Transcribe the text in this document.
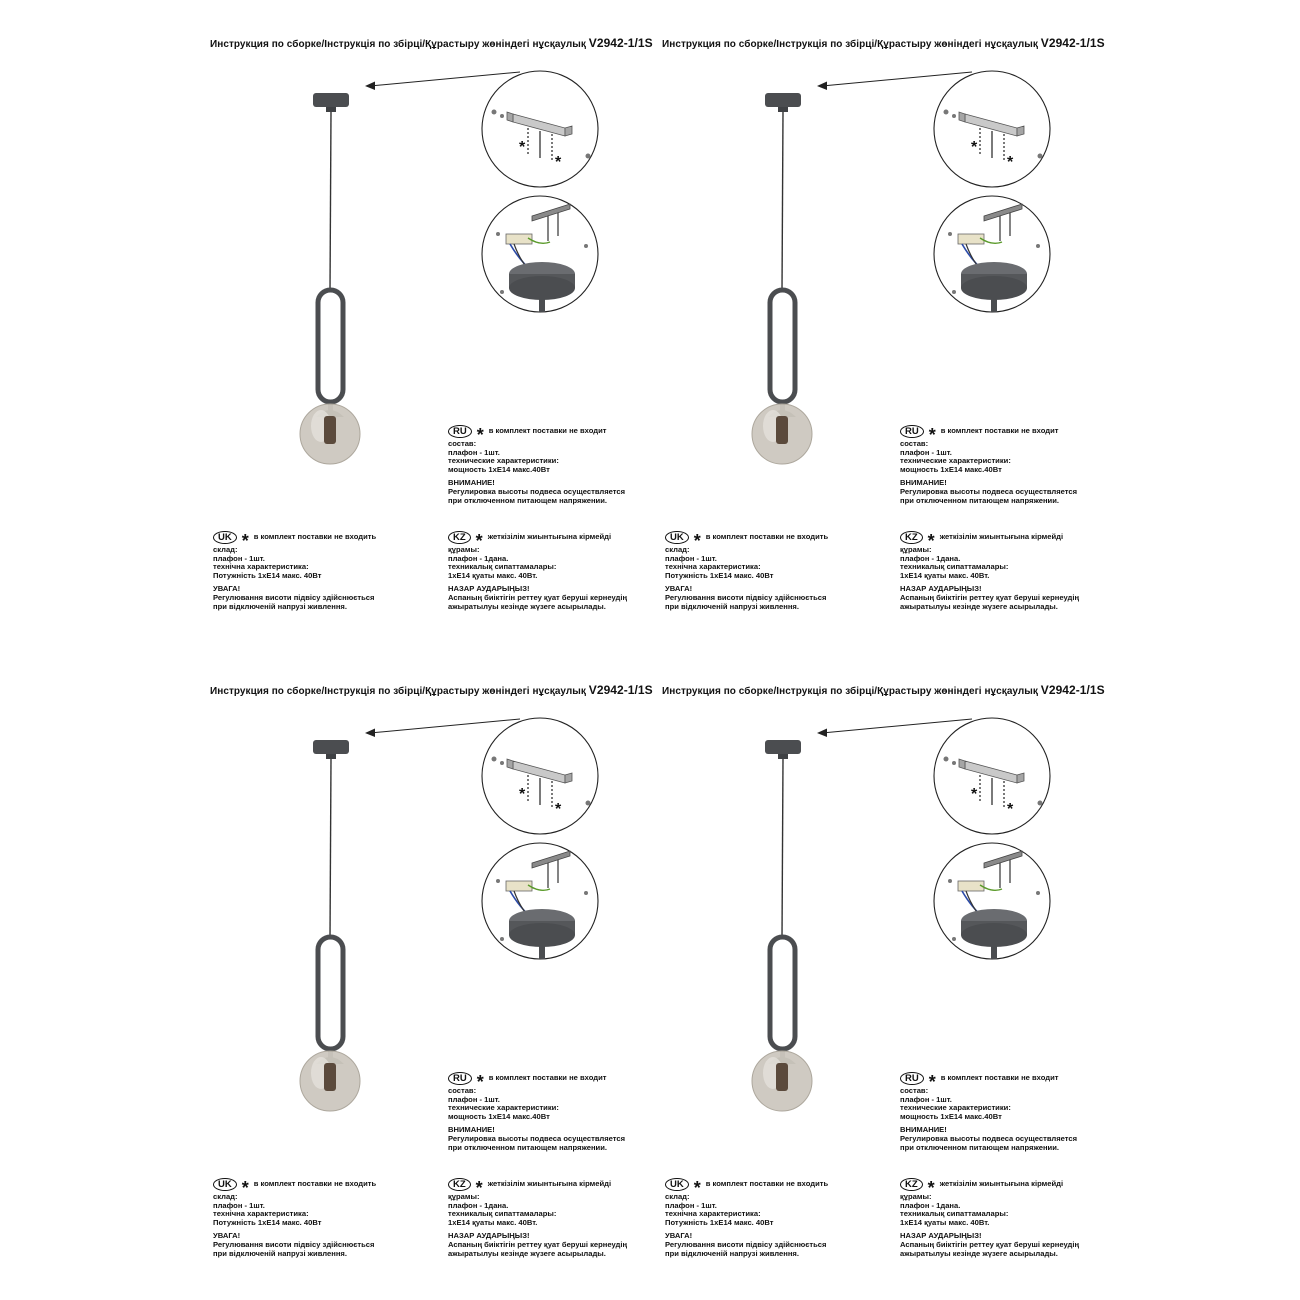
Инструкция по сборке/Інструкція по збірці/Құрастыру жөніндегі нұсқаулық V2942-1/1S
*
*
RU * в комплект поставки не входит
состав:
плафон - 1шт.
технические характеристики:
мощность 1хЕ14 макс.40Вт
ВНИМАНИЕ!
Регулировка высоты подвеса осуществляется
при отключенном питающем напряжении.
UK * в комплект поставки не входить
склад:
плафон - 1шт.
технічна характеристика:
Потужність 1хЕ14 макс. 40Вт
УВАГА!
Регулювання висоти підвісу здійснюється
при відключеній напрузі живлення.
KZ * жеткізілім жиынтығына кірмейді
құрамы:
плафон - 1дана.
техникалық сипаттамалары:
1хЕ14 қуаты макс. 40Вт.
НАЗАР АУДАРЫҢЫЗ!
Аспаның биіктігін реттеу қуат беруші кернеудің
ажыратылуы кезінде жүзеге асырылады.
Инструкция по сборке/Інструкція по збірці/Құрастыру жөніндегі нұсқаулық V2942-1/1S
*
*
RU * в комплект поставки не входит
состав:
плафон - 1шт.
технические характеристики:
мощность 1хЕ14 макс.40Вт
ВНИМАНИЕ!
Регулировка высоты подвеса осуществляется
при отключенном питающем напряжении.
UK * в комплект поставки не входить
склад:
плафон - 1шт.
технічна характеристика:
Потужність 1хЕ14 макс. 40Вт
УВАГА!
Регулювання висоти підвісу здійснюється
при відключеній напрузі живлення.
KZ * жеткізілім жиынтығына кірмейді
құрамы:
плафон - 1дана.
техникалық сипаттамалары:
1хЕ14 қуаты макс. 40Вт.
НАЗАР АУДАРЫҢЫЗ!
Аспаның биіктігін реттеу қуат беруші кернеудің
ажыратылуы кезінде жүзеге асырылады.
Инструкция по сборке/Інструкція по збірці/Құрастыру жөніндегі нұсқаулық V2942-1/1S
*
*
RU * в комплект поставки не входит
состав:
плафон - 1шт.
технические характеристики:
мощность 1хЕ14 макс.40Вт
ВНИМАНИЕ!
Регулировка высоты подвеса осуществляется
при отключенном питающем напряжении.
UK * в комплект поставки не входить
склад:
плафон - 1шт.
технічна характеристика:
Потужність 1хЕ14 макс. 40Вт
УВАГА!
Регулювання висоти підвісу здійснюється
при відключеній напрузі живлення.
KZ * жеткізілім жиынтығына кірмейді
құрамы:
плафон - 1дана.
техникалық сипаттамалары:
1хЕ14 қуаты макс. 40Вт.
НАЗАР АУДАРЫҢЫЗ!
Аспаның биіктігін реттеу қуат беруші кернеудің
ажыратылуы кезінде жүзеге асырылады.
Инструкция по сборке/Інструкція по збірці/Құрастыру жөніндегі нұсқаулық V2942-1/1S
*
*
RU * в комплект поставки не входит
состав:
плафон - 1шт.
технические характеристики:
мощность 1хЕ14 макс.40Вт
ВНИМАНИЕ!
Регулировка высоты подвеса осуществляется
при отключенном питающем напряжении.
UK * в комплект поставки не входить
склад:
плафон - 1шт.
технічна характеристика:
Потужність 1хЕ14 макс. 40Вт
УВАГА!
Регулювання висоти підвісу здійснюється
при відключеній напрузі живлення.
KZ * жеткізілім жиынтығына кірмейді
құрамы:
плафон - 1дана.
техникалық сипаттамалары:
1хЕ14 қуаты макс. 40Вт.
НАЗАР АУДАРЫҢЫЗ!
Аспаның биіктігін реттеу қуат беруші кернеудің
ажыратылуы кезінде жүзеге асырылады.
